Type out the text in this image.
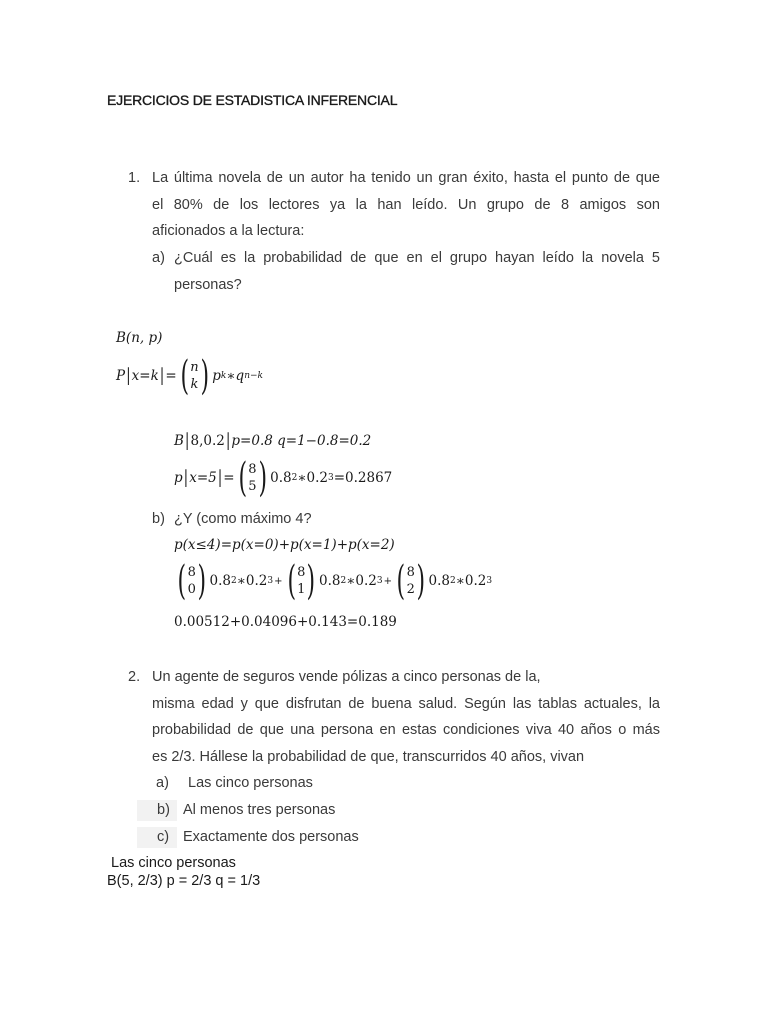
EJERCICIOS DE ESTADISTICA INFERENCIAL
1. La última novela de un autor ha tenido un gran éxito, hasta el punto de que
el 80% de los lectores ya la han leído. Un grupo de 8 amigos son
aficionados a la lectura:
a) ¿Cuál es la probabilidad de que en el grupo hayan leído la novela 5
personas?
B(n, p)
P | x=k | = ( n
k ) p k ∗ q n−k
B | 8,0.2 | p=0.8 q=1−0.8=0.2
p | x=5 | = ( 8
5 ) 0.8 2 ∗0.2 3 =0.2867
b) ¿Y (como máximo 4?
p(x≤4)=p(x=0)+p(x=1)+p(x=2)
( 8
0 ) 0.8 2 ∗0.2 3 + ( 8
1 ) 0.8 2 ∗0.2 3 + ( 8
2 ) 0.8 2 ∗0.2 3
0.00512+0.04096+0.143=0.189
2. Un agente de seguros vende pólizas a cinco personas de la,
misma edad y que disfrutan de buena salud. Según las tablas actuales, la
probabilidad de que una persona en estas condiciones viva 40 años o más
es 2/3. Hállese la probabilidad de que, transcurridos 40 años, vivan
a) Las cinco personas
b) Al menos tres personas
c) Exactamente dos personas
Las cinco personas
B(5, 2/3) p = 2/3 q = 1/3
